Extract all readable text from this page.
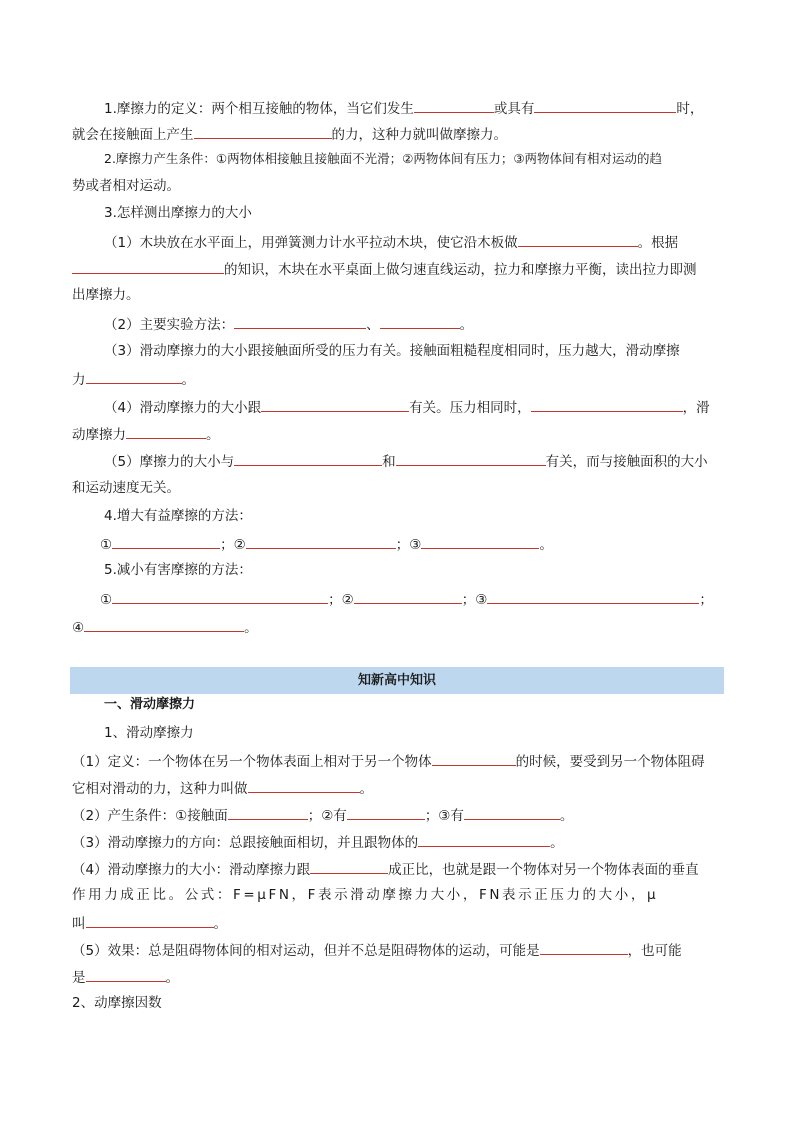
1.摩擦力的定义：两个相互接触的物体，当它们发生	或具有	时，
就会在接触面上产生	的力，这种力就叫做摩擦力。
2.摩擦力产生条件：①两物体相接触且接触面不光滑；②两物体间有压力；③两物体间有相对运动的趋
势或者相对运动。
3.怎样测出摩擦力的大小
（1）木块放在水平面上，用弹簧测力计水平拉动木块，使它沿木板做	。根据
的知识，木块在水平桌面上做匀速直线运动，拉力和摩擦力平衡，读出拉力即测
出摩擦力。
（2）主要实验方法：	、	。
（3）滑动摩擦力的大小跟接触面所受的压力有关。接触面粗糙程度相同时，压力越大，滑动摩擦
力	。
（4）滑动摩擦力的大小跟	有关。压力相同时，	，滑
动摩擦力	。
（5）摩擦力的大小与	和	有关，而与接触面积的大小
和运动速度无关。
4.增大有益摩擦的方法：
①	；②	；③	。
5.减小有害摩擦的方法：
①	；②	；③	；
④	。
知新高中知识
一、滑动摩擦力
1、滑动摩擦力
（1）定义：一个物体在另一个物体表面上相对于另一个物体	的时候，要受到另一个物体阻碍
它相对滑动的力，这种力叫做	。
（2）产生条件：①接触面	；②有	；③有	。
（3）滑动摩擦力的方向：总跟接触面相切，并且跟物体的	。
（4）滑动摩擦力的大小：滑动摩擦力跟	成正比，也就是跟一个物体对另一个物体表面的垂直
作用力成正比。公式：F=μFN，F表示滑动摩擦力大小，FN表示正压力的大小，μ
叫	。
（5）效果：总是阻碍物体间的相对运动，但并不总是阻碍物体的运动，可能是	，也可能
是	。
2、动摩擦因数
